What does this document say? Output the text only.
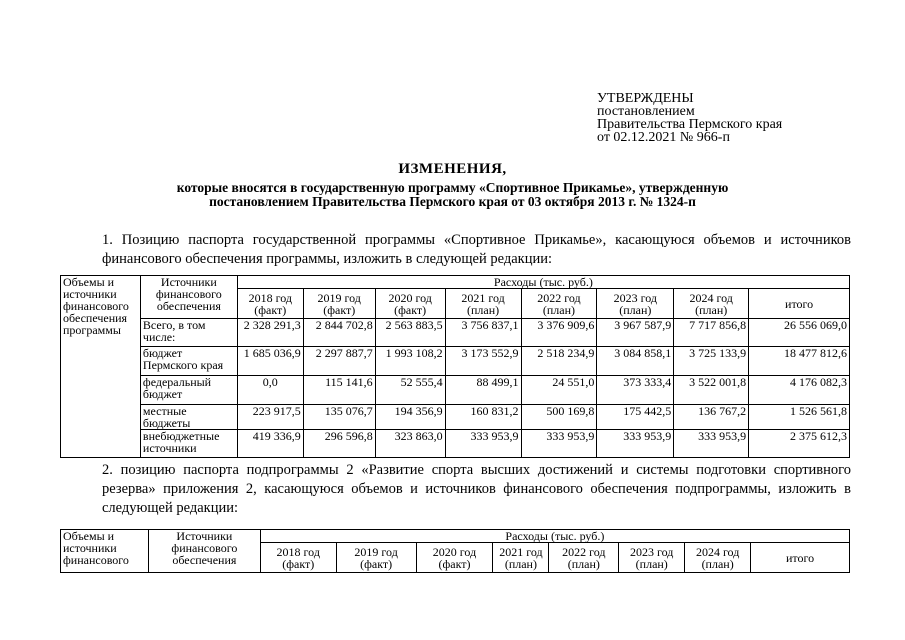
УТВЕРЖДЕНЫ
постановлением
Правительства Пермского края
от 02.12.2021 № 966-п
ИЗМЕНЕНИЯ,
которые вносятся в государственную программу «Спортивное Прикамье», утвержденную
постановлением Правительства Пермского края от 03 октября 2013 г. № 1324-п
1. Позицию паспорта государственной программы «Спортивное Прикамье», касающуюся объемов и источников финансового обеспечения программы, изложить в следующей редакции:
Объемы и источники финансового обеспечения программы	Источники финансового обеспечения	Расходы (тыс. руб.)							
		2018 год (факт)	2019 год (факт)	2020 год (факт)	2021 год (план)	2022 год (план)	2023 год (план)	2024 год (план)	итого
	Всего, в том числе:	2 328 291,3	2 844 702,8	2 563 883,5	3 756 837,1	3 376 909,6	3 967 587,9	7 717 856,8	26 556 069,0
	бюджет Пермского края	1 685 036,9	2 297 887,7	1 993 108,2	3 173 552,9	2 518 234,9	3 084 858,1	3 725 133,9	18 477 812,6
	федеральный бюджет	0,0	115 141,6	52 555,4	88 499,1	24 551,0	373 333,4	3 522 001,8	4 176 082,3
	местные бюджеты	223 917,5	135 076,7	194 356,9	160 831,2	500 169,8	175 442,5	136 767,2	1 526 561,8
	внебюджетные источники	419 336,9	296 596,8	323 863,0	333 953,9	333 953,9	333 953,9	333 953,9	2 375 612,3
2. позицию паспорта подпрограммы 2 «Развитие спорта высших достижений и системы подготовки спортивного резерва» приложения 2, касающуюся объемов и источников финансового обеспечения подпрограммы, изложить в следующей редакции:
Объемы и источники финансового	Источники финансового обеспечения	Расходы (тыс. руб.)							
		2018 год (факт)	2019 год (факт)	2020 год (факт)	2021 год (план)	2022 год (план)	2023 год (план)	2024 год (план)	итого
